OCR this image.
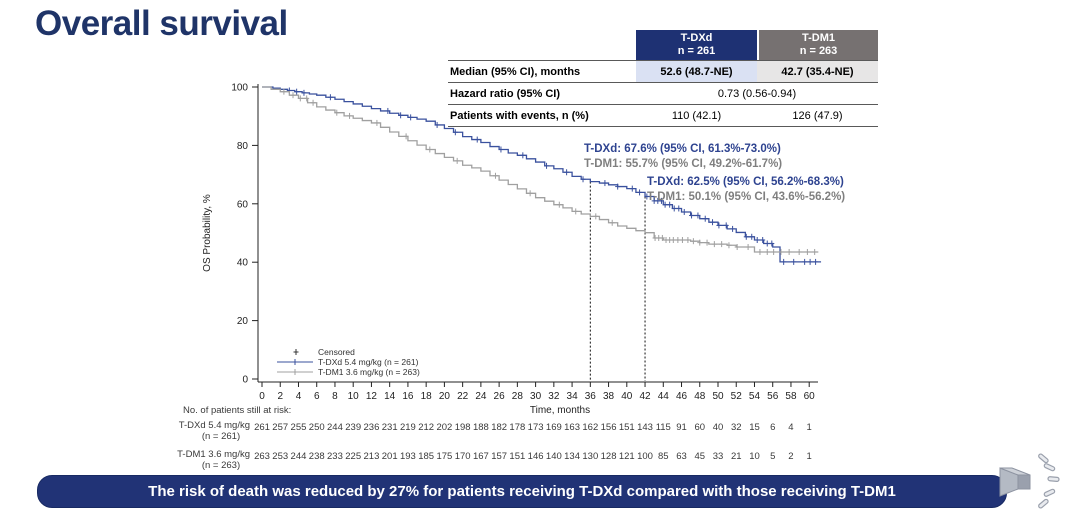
Overall survival	T-DXd
n = 261
T-DM1
n = 263
Median (95% CI), months	52.6 (48.7-NE)	42.7 (35.4-NE)
Hazard ratio (95% CI)	0.73 (0.56-0.94)
Patients with events, n (%)	110 (42.1)	126 (47.9)
0
20
40
60
80
100
0 2 4 6 8 10 12 14 16 18 20 22 24 26 28 30 32 34 36 38 40 42 44 46 48 50 52 54 56 58 60
OS Probability, %
Time, months
Censored
T-DXd 5.4 mg/kg (n = 261)
T-DM1 3.6 mg/kg (n = 263)
No. of patients still at risk:
T-DXd 5.4 mg/kg
(n = 261)
261 257 255 250 244 239 236 231 219 212 202 198 188 182 178 173 169 163 162 156 151 143 115 91 60 40 32 15 6 4 1
T-DM1 3.6 mg/kg
(n = 263)
263 253 244 238 233 225 213 201 193 185 175 170 167 157 151 146 140 134 130 128 121 100 85 63 45 33 21 10 5 2 1
T-DXd: 67.6% (95% CI, 61.3%-73.0%)
T-DM1: 55.7% (95% CI, 49.2%-61.7%)
T-DXd: 62.5% (95% CI, 56.2%-68.3%)
T-DM1: 50.1% (95% CI, 43.6%-56.2%)
The risk of death was reduced by 27% for patients receiving T-DXd compared with those receiving T-DM1
